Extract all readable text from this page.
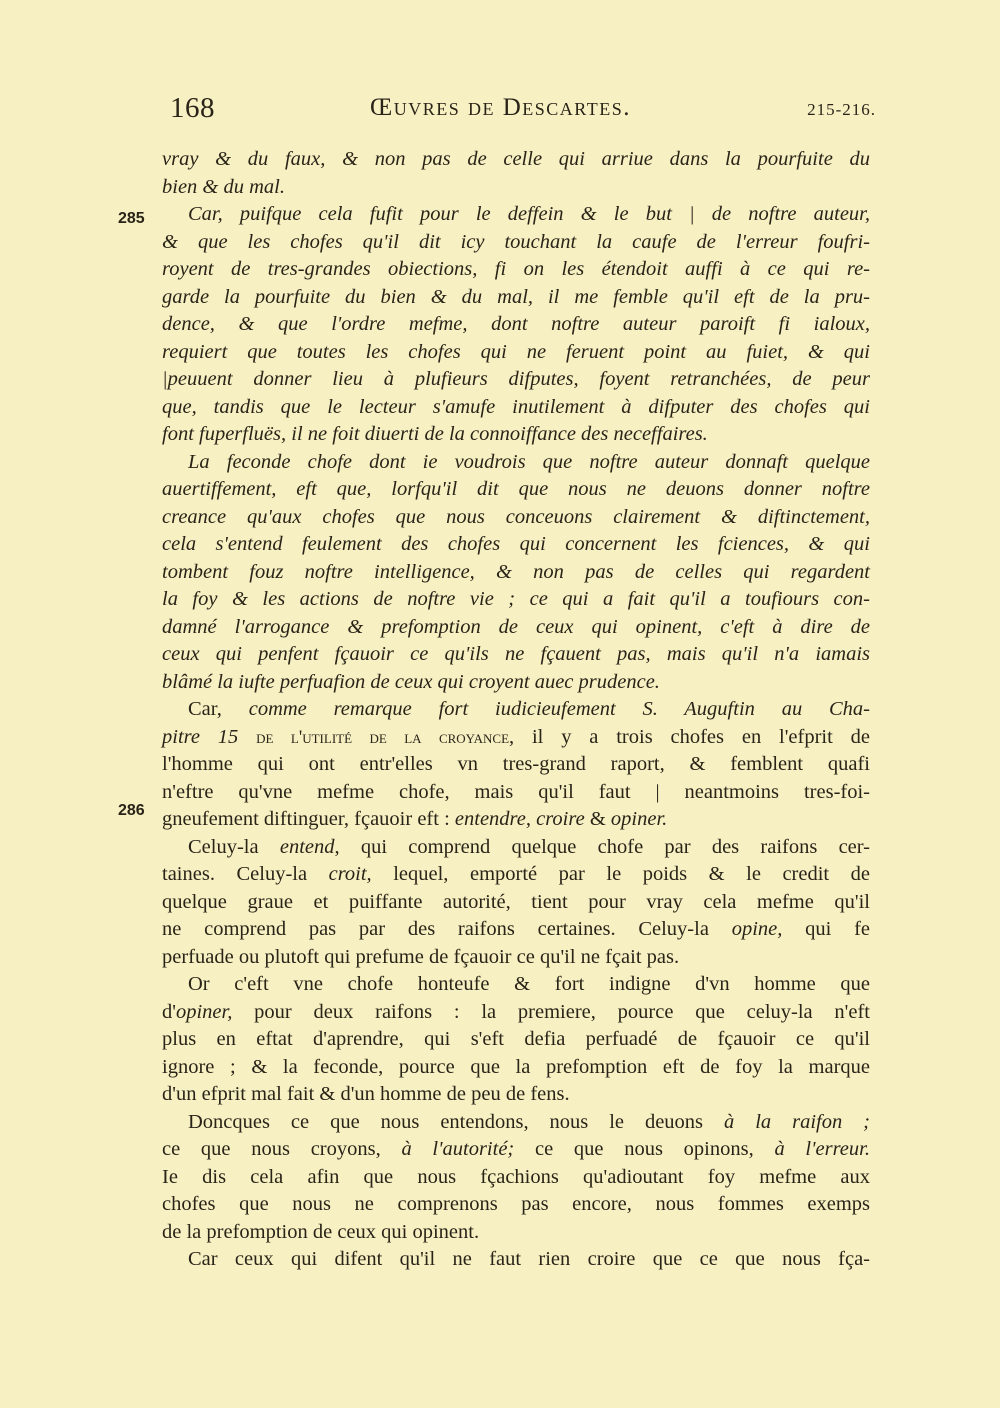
168	Œuvres de Descartes.	215-216.
285
286
vray & du faux, & non pas de celle qui arriue dans la pourfuite du
bien & du mal.
Car, puifque cela fufit pour le deffein & le but | de noftre auteur,
& que les chofes qu'il dit icy touchant la caufe de l'erreur foufri-
royent de tres-grandes obiections, fi on les étendoit auffi à ce qui re-
garde la pourfuite du bien & du mal, il me femble qu'il eft de la pru-
dence, & que l'ordre mefme, dont noftre auteur paroift fi ialoux,
requiert que toutes les chofes qui ne feruent point au fuiet, & qui
|peuuent donner lieu à plufieurs difputes, foyent retranchées, de peur
que, tandis que le lecteur s'amufe inutilement à difputer des chofes qui
font fuperfluës, il ne foit diuerti de la connoiffance des neceffaires.
La feconde chofe dont ie voudrois que noftre auteur donnaft quelque
auertiffement, eft que, lorfqu'il dit que nous ne deuons donner noftre
creance qu'aux chofes que nous conceuons clairement & diftinctement,
cela s'entend feulement des chofes qui concernent les fciences, & qui
tombent fouz noftre intelligence, & non pas de celles qui regardent
la foy & les actions de noftre vie ; ce qui a fait qu'il a toufiours con-
damné l'arrogance & prefomption de ceux qui opinent, c'eft à dire de
ceux qui penfent fçauoir ce qu'ils ne fçauent pas, mais qu'il n'a iamais
blâmé la iufte perfuafion de ceux qui croyent auec prudence.
Car, comme remarque fort iudicieufement S. Auguftin au Cha-
pitre 15 de l'utilité de la croyance, il y a trois chofes en l'efprit de
l'homme qui ont entr'elles vn tres-grand raport, & femblent quafi
n'eftre qu'vne mefme chofe, mais qu'il faut | neantmoins tres-foi-
gneufement diftinguer, fçauoir eft : entendre, croire & opiner.
Celuy-la entend, qui comprend quelque chofe par des raifons cer-
taines. Celuy-la croit, lequel, emporté par le poids & le credit de
quelque graue et puiffante autorité, tient pour vray cela mefme qu'il
ne comprend pas par des raifons certaines. Celuy-la opine, qui fe
perfuade ou plutoft qui prefume de fçauoir ce qu'il ne fçait pas.
Or c'eft vne chofe honteufe & fort indigne d'vn homme que
d'opiner, pour deux raifons : la premiere, pource que celuy-la n'eft
plus en eftat d'aprendre, qui s'eft defia perfuadé de fçauoir ce qu'il
ignore ; & la feconde, pource que la prefomption eft de foy la marque
d'un efprit mal fait & d'un homme de peu de fens.
Doncques ce que nous entendons, nous le deuons à la raifon ;
ce que nous croyons, à l'autorité; ce que nous opinons, à l'erreur.
Ie dis cela afin que nous fçachions qu'adioutant foy mefme aux
chofes que nous ne comprenons pas encore, nous fommes exemps
de la prefomption de ceux qui opinent.
Car ceux qui difent qu'il ne faut rien croire que ce que nous fça-
